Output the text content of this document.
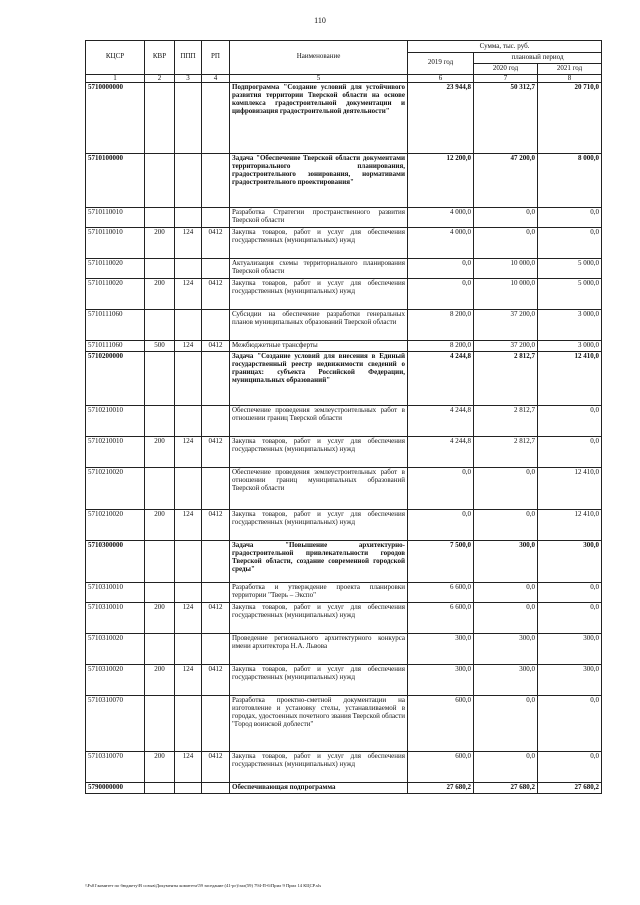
110
КЦСР	КВР	ППП	РП	Наименование	Сумма, тыс. руб.		
					2019 год	плановый период	
						2020 год	2021 год
1	2	3	4	5	6	7	8
5710000000				Подпрограмма "Создание условий для устойчивого развития территории Тверской области на основе комплекса градостроительной документации и цифровизация градостроительной деятельности"	23 944,8	50 312,7	20 710,0
5710100000				Задача "Обеспечение Тверской области документами территориального планирования, градостроительного зонирования, нормативами градостроительного проектирования"	12 200,0	47 200,0	8 000,0
5710110010				Разработка Стратегии пространственного развития Тверской области	4 000,0	0,0	0,0
5710110010	200	124	0412	Закупка товаров, работ и услуг для обеспечения государственных (муниципальных) нужд	4 000,0	0,0	0,0
5710110020				Актуализация схемы территориального планирования Тверской области	0,0	10 000,0	5 000,0
5710110020	200	124	0412	Закупка товаров, работ и услуг для обеспечения государственных (муниципальных) нужд	0,0	10 000,0	5 000,0
5710111060				Субсидии на обеспечение разработки генеральных планов муниципальных образований Тверской области	8 200,0	37 200,0	3 000,0
5710111060	500	124	0412	Межбюджетные трансферты	8 200,0	37 200,0	3 000,0
5710200000				Задача "Создание условий для внесения в Единый государственный реестр недвижимости сведений о границах: субъекта Российской Федерации, муниципальных образований"	4 244,8	2 812,7	12 410,0
5710210010				Обеспечение проведения землеустроительных работ в отношении границ Тверской области	4 244,8	2 812,7	0,0
5710210010	200	124	0412	Закупка товаров, работ и услуг для обеспечения государственных (муниципальных) нужд	4 244,8	2 812,7	0,0
5710210020				Обеспечение проведения землеустроительных работ в отношении границ муниципальных образований Тверской области	0,0	0,0	12 410,0
5710210020	200	124	0412	Закупка товаров, работ и услуг для обеспечения государственных (муниципальных) нужд	0,0	0,0	12 410,0
5710300000				Задача "Повышение архитектурно-градостроительной привлекательности городов Тверской области, создание современной городской среды"	7 500,0	300,0	300,0
5710310010				Разработка и утверждение проекта планировки территории "Тверь – Экспо"	6 600,0	0,0	0,0
5710310010	200	124	0412	Закупка товаров, работ и услуг для обеспечения государственных (муниципальных) нужд	6 600,0	0,0	0,0
5710310020				Проведение регионального архитектурного конкурса имени архитектора Н.А. Львова	300,0	300,0	300,0
5710310020	200	124	0412	Закупка товаров, работ и услуг для обеспечения государственных (муниципальных) нужд	300,0	300,0	300,0
5710310070				Разработка проектно-сметной документации на изготовление и установку стелы, устанавливаемой в городах, удостоенных почетного звания Тверской области "Город воинской доблести"	600,0	0,0	0,0
5710310070	200	124	0412	Закупка товаров, работ и услуг для обеспечения государственных (муниципальных) нужд	600,0	0,0	0,0
5790000000				Обеспечивающая подпрограмма	27 680,2	27 680,2	27 680,2
\\Fs01\комитет по бюджету\В созыв\Документы комитета\59 заседание (41-рг)\зал(59) 794-П-6\Прил 9 Прил 14 КЦСР.xls
